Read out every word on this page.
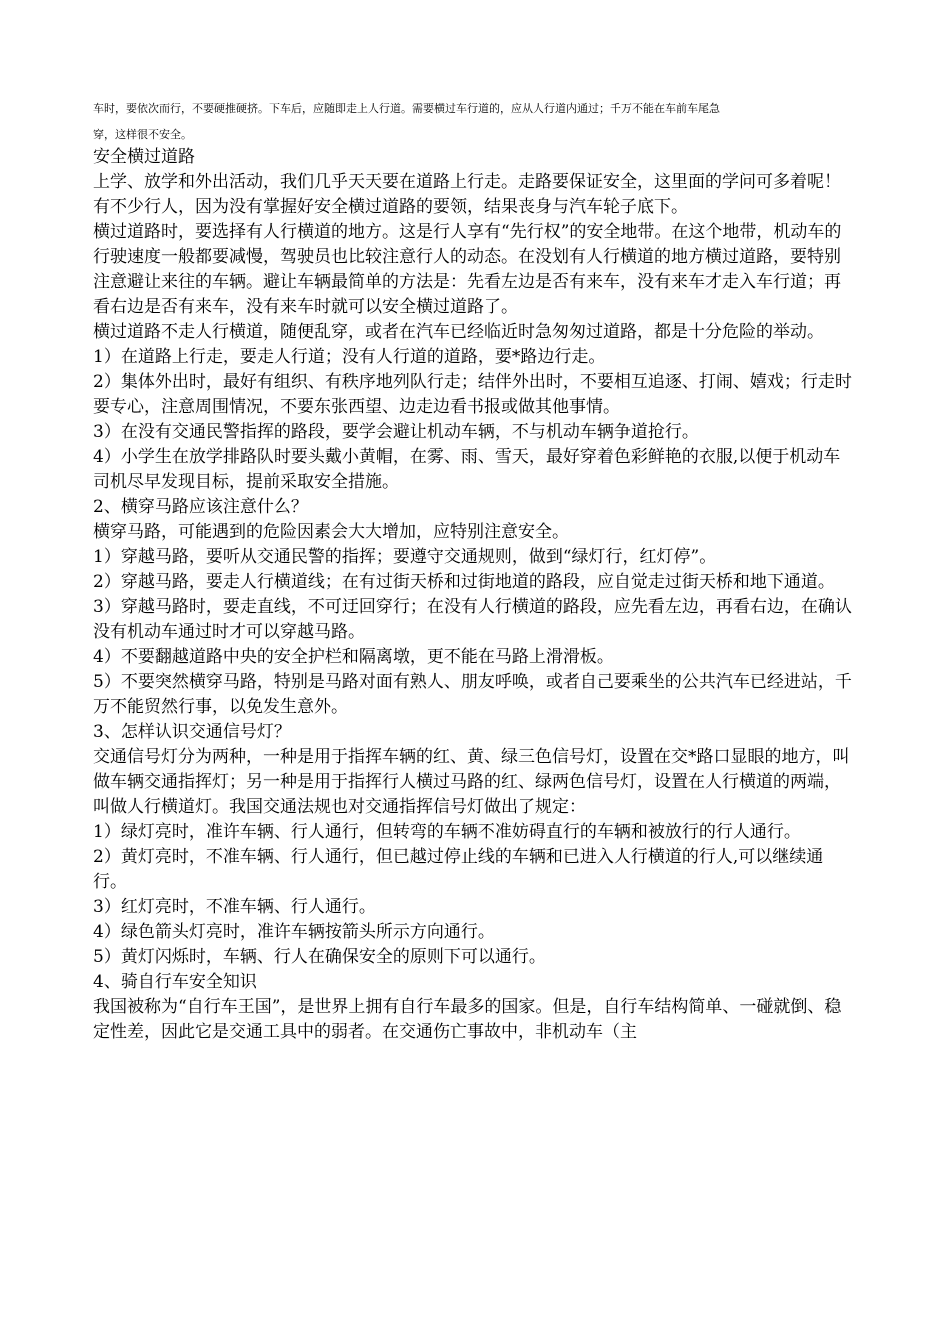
车时，要依次而行，不要硬推硬挤。下车后，应随即走上人行道。需要横过车行道的，应从人行道内通过；千万不能在车前车尾急
穿，这样很不安全。

安全横过道路

上学、放学和外出活动，我们几乎天天要在道路上行走。走路要保证安全，这里面的学问可多着呢！有不少行人，因为没有掌握好安全横过道路的要领，结果丧身与汽车轮子底下。

横过道路时，要选择有人行横道的地方。这是行人享有“先行权”的安全地带。在这个地带，机动车的行驶速度一般都要减慢，驾驶员也比较注意行人的动态。在没划有人行横道的地方横过道路，要特别注意避让来往的车辆。避让车辆最简单的方法是：先看左边是否有来车，没有来车才走入车行道；再看右边是否有来车，没有来车时就可以安全横过道路了。

横过道路不走人行横道，随便乱穿，或者在汽车已经临近时急匆匆过道路，都是十分危险的举动。

1）在道路上行走，要走人行道；没有人行道的道路，要*路边行走。

2）集体外出时，最好有组织、有秩序地列队行走；结伴外出时，不要相互追逐、打闹、嬉戏；行走时要专心，注意周围情况，不要东张西望、边走边看书报或做其他事情。

3）在没有交通民警指挥的路段，要学会避让机动车辆，不与机动车辆争道抢行。

4）小学生在放学排路队时要头戴小黄帽，在雾、雨、雪天，最好穿着色彩鲜艳的衣服,以便于机动车司机尽早发现目标，提前采取安全措施。

2、横穿马路应该注意什么？

横穿马路，可能遇到的危险因素会大大增加，应特别注意安全。

1）穿越马路，要听从交通民警的指挥；要遵守交通规则，做到“绿灯行，红灯停”。

2）穿越马路，要走人行横道线；在有过街天桥和过街地道的路段，应自觉走过街天桥和地下通道。

3）穿越马路时，要走直线，不可迂回穿行；在没有人行横道的路段，应先看左边，再看右边，在确认没有机动车通过时才可以穿越马路。

4）不要翻越道路中央的安全护栏和隔离墩，更不能在马路上滑滑板。

5）不要突然横穿马路，特别是马路对面有熟人、朋友呼唤，或者自己要乘坐的公共汽车已经进站，千万不能贸然行事，以免发生意外。

3、怎样认识交通信号灯？

交通信号灯分为两种，一种是用于指挥车辆的红、黄、绿三色信号灯，设置在交*路口显眼的地方，叫做车辆交通指挥灯；另一种是用于指挥行人横过马路的红、绿两色信号灯，设置在人行横道的两端，叫做人行横道灯。我国交通法规也对交通指挥信号灯做出了规定：

1）绿灯亮时，准许车辆、行人通行，但转弯的车辆不准妨碍直行的车辆和被放行的行人通行。

2）黄灯亮时，不准车辆、行人通行，但已越过停止线的车辆和已进入人行横道的行人,可以继续通行。

3）红灯亮时，不准车辆、行人通行。

4）绿色箭头灯亮时，准许车辆按箭头所示方向通行。

5）黄灯闪烁时，车辆、行人在确保安全的原则下可以通行。

4、骑自行车安全知识

我国被称为“自行车王国”，是世界上拥有自行车最多的国家。但是，自行车结构简单、一碰就倒、稳定性差，因此它是交通工具中的弱者。在交通伤亡事故中，非机动车（主
